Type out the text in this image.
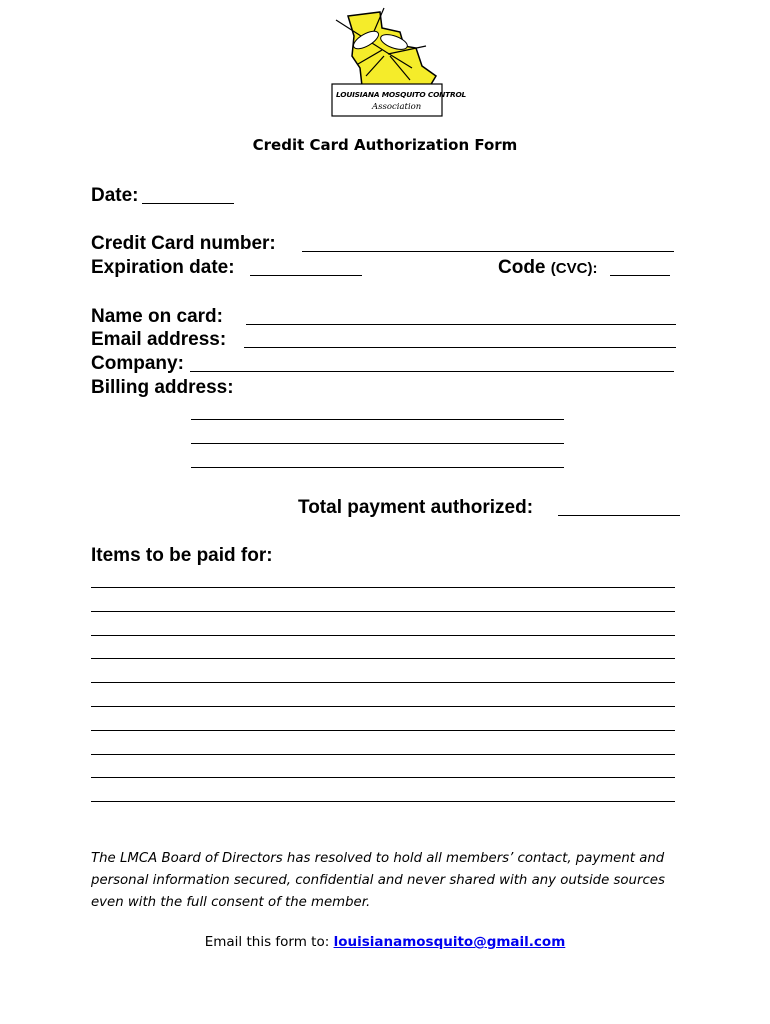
LOUISIANA MOSQUITO CONTROL
Association
Credit Card Authorization Form
Date:
Credit Card number:
Expiration date:	Code (CVC):
Name on card:
Email address:
Company:
Billing address:
Total payment authorized:
Items to be paid for:
The LMCA Board of Directors has resolved to hold all members’ contact, payment and personal information secured, confidential and never shared with any outside sources even with the full consent of the member.
Email this form to: louisianamosquito@gmail.com
